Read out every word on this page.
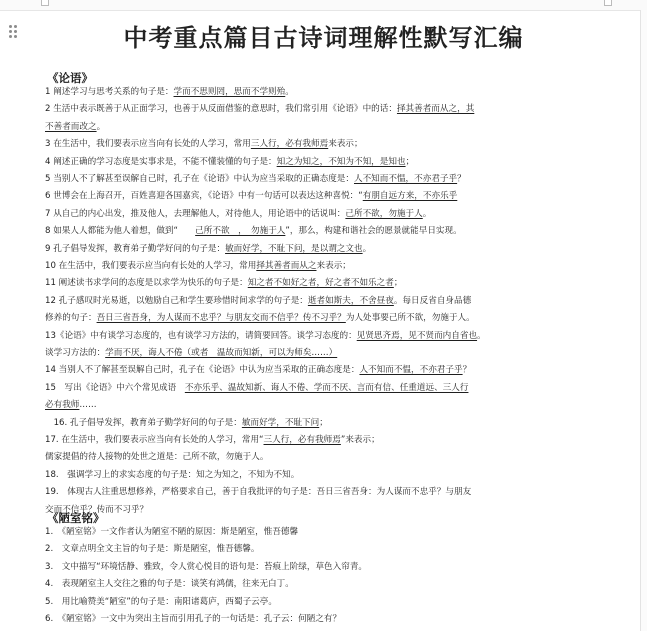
中考重点篇目古诗词理解性默写汇编
《论语》
1 阐述学习与思考关系的句子是：学而不思则罔，思而不学则殆。
2 生活中表示既善于从正面学习，也善于从反面借鉴的意思时，我们常引用《论语》中的话：择其善者而从之，其
不善者而改之。
3 在生活中，我们要表示应当向有长处的人学习，常用三人行，必有我师焉来表示；
4 阐述正确的学习态度是实事求是，不能不懂装懂的句子是：知之为知之，不知为不知，是知也；
5 当别人不了解甚至误解自己时，孔子在《论语》中认为应当采取的正确态度是：人不知而不愠，不亦君子乎？
6 世博会在上海召开，百姓喜迎各国嘉宾，《论语》中有一句话可以表达这种喜悦：“有朋自远方来，不亦乐乎
7 从自己的内心出发，推及他人，去理解他人，对待他人，用论语中的话说叫：己所不欲，勿施于人。
8 如果人人都能为他人着想，做到“　　己所不欲　，　勿施于人”，那么，构建和谐社会的愿景就能早日实现。
9 孔子倡导发挥，教育弟子勤学好问的句子是：敏而好学，不耻下问，是以谓之文也。
10 在生活中，我们要表示应当向有长处的人学习，常用择其善者而从之来表示；
11 阐述读书求学问的态度是以求学为快乐的句子是：知之者不如好之者，好之者不如乐之者；
12 孔子感叹时光易逝，以勉励自己和学生要珍惜时间求学的句子是：逝者如斯夫，不舍昼夜。每日反省自身品德
修养的句子：吾日三省吾身，为人谋而不忠乎？与朋友交而不信乎？传不习乎？为人处事要己所不欲，勿施于人。
13《论语》中有谈学习态度的，也有谈学习方法的，请简要回答。谈学习态度的：见贤思齐焉，见不贤而内自省也。
谈学习方法的：学而不厌，诲人不倦（或者　温故而知新，可以为师矣……）
14 当别人不了解甚至误解自己时，孔子在《论语》中认为应当采取的正确态度是：人不知而不愠，不亦君子乎？
15　写出《论语》中六个常见成语　不亦乐乎、温故知新、诲人不倦、学而不厌、言而有信、任重道远、三人行
必有我师……
　16. 孔子倡导发挥，教育弟子勤学好问的句子是：敏而好学，不耻下问；
17. 在生活中，我们要表示应当向有长处的人学习，常用“三人行，必有我师焉”来表示；
儒家提倡的待人接物的处世之道是：己所不欲，勿施于人。
18.　强调学习上的求实态度的句子是：知之为知之，不知为不知。
19.　体现古人注重思想修养，严格要求自己，善于自我批评的句子是：吾日三省吾身：为人谋而不忠乎？与朋友
交而不信乎？传而不习乎？
《陋室铭》
1.　《陋室铭》一文作者认为陋室不陋的原因：斯是陋室，惟吾德馨
2.　文章点明全文主旨的句子是：斯是陋室，惟吾德馨。
3.　文中描写“环境恬静、雅致，令人赏心悦目的语句是：苔痕上阶绿，草色入帘青。
4.　表现陋室主人交往之雅的句子是：谈笑有鸿儒，往来无白丁。
5.　用比喻赞美“陋室”的句子是：南阳诸葛庐，西蜀子云亭。
6.　《陋室铭》一文中为突出主旨而引用孔子的一句话是：孔子云：何陋之有？
